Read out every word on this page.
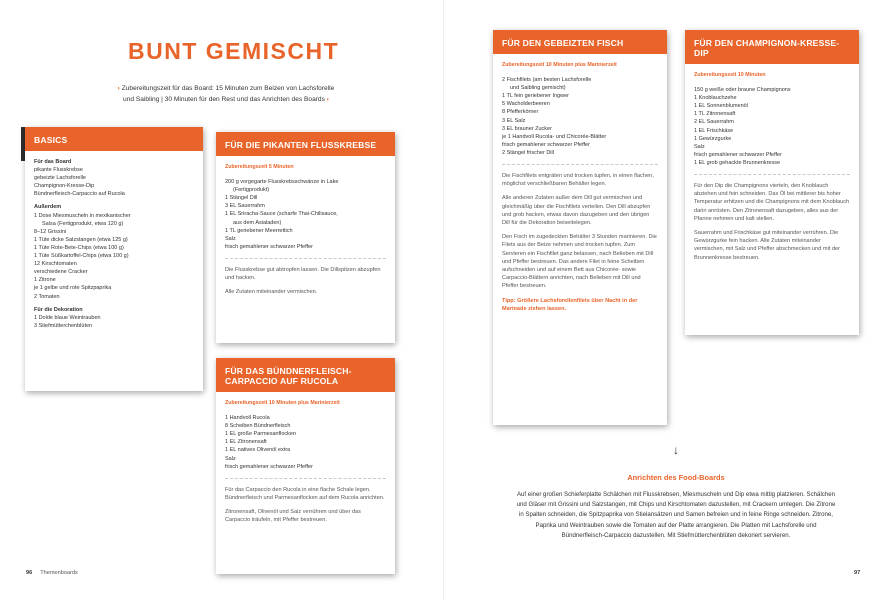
BUNT GEMISCHT
› Zubereitungszeit für das Board: 15 Minuten zum Beizen von Lachsforelle
und Saibling | 30 Minuten für den Rest und das Anrichten des Boards ‹
BASICS
Für das Board
pikante Flusskrebse
gebeizte Lachsforelle
Champignon-Kresse-Dip
Bündnerfleisch-Carpaccio auf Rucola
Außerdem
1 Dose Miesmuscheln in mexikanischer
Salsa (Fertigprodukt, etwa 120 g)
8–12 Grissini
1 Tüte dicke Salzstangen (etwa 125 g)
1 Tüte Rote-Bete-Chips (etwa 100 g)
1 Tüte Süßkartoffel-Chips (etwa 100 g)
12 Kirschtomaten
verschiedene Cracker
1 Zitrone
je 1 gelbe und rote Spitzpaprika
2 Tomaten
Für die Dekoration
1 Dolde blaue Weintrauben
3 Stiefmütterchenblüten
FÜR DIE PIKANTEN FLUSSKREBSE
Zubereitungszeit 5 Minuten
200 g vorgegarte Flusskrebsschwänze in Lake
(Fertigprodukt)
1 Stängel Dill
3 EL Sauerrahm
1 EL Sriracha-Sauce (scharfe Thai-Chilisauce,
aus dem Asialaden)
1 TL geriebener Meerrettich
Salz
frisch gemahlener schwarzer Pfeffer
Die Flusskrebse gut abtropfen lassen. Die Dillspitzen abzupfen und hacken.
Alle Zutaten miteinander vermischen.
FÜR DAS BÜNDNERFLEISCH-CARPACCIO AUF RUCOLA
Zubereitungszeit 10 Minuten plus Marinierzeit
1 Handvoll Rucola
8 Scheiben Bündnerfleisch
1 EL große Parmesanflocken
1 EL Zitronensaft
1 EL natives Olivenöl extra
Salz
frisch gemahlener schwarzer Pfeffer
Für das Carpaccio den Rucola in eine flache Schale legen. Bündnerfleisch und Parmesanflocken auf dem Rucola anrichten.
Zitronensaft, Olivenöl und Salz verrühren und über das Carpaccio träufeln, mit Pfeffer bestreuen.
96 Themenboards
FÜR DEN GEBEIZTEN FISCH
Zubereitungszeit 10 Minuten plus Marinierzeit
2 Fischfilets (am besten Lachsforelle
und Saibling gemischt)
1 TL fein geriebener Ingwer
5 Wacholderbeeren
8 Pfefferkörner
3 EL Salz
3 EL brauner Zucker
je 1 Handvoll Rucola- und Chicorée-Blätter
frisch gemahlener schwarzer Pfeffer
2 Stängel frischer Dill
Die Fischfilets entgräten und trocken tupfen, in einen flachen, möglichst verschließbaren Behälter legen.
Alle anderen Zutaten außer dem Dill gut vermischen und gleichmäßig über die Fischfilets verteilen. Den Dill abzupfen und grob hacken, etwas davon dazugeben und den übrigen Dill für die Dekoration beiseitelegen.
Den Fisch im zugedeckten Behälter 3 Stunden marinieren. Die Filets aus der Beize nehmen und trocken tupfen. Zum Servieren ein Fischfilet ganz belassen, nach Belieben mit Dill und Pfeffer bestreuen. Das andere Filet in feine Scheiben aufschneiden und auf einem Bett aus Chicorée- sowie Carpaccio-Blättern anrichten, nach Belieben mit Dill und Pfeffer bestreuen.
Tipp: Größere Lachsforellenfilets über Nacht in der Marinade ziehen lassen.
FÜR DEN CHAMPIGNON-KRESSE-DIP
Zubereitungszeit 10 Minuten
150 g weiße oder braune Champignons
1 Knoblauchzehe
1 EL Sonnenblumenöl
1 TL Zitronensaft
2 EL Sauerrahm
1 EL Frischkäse
1 Gewürzgurke
Salz
frisch gemahlener schwarzer Pfeffer
1 EL grob gehackte Brunnenkresse
Für den Dip die Champignons vierteln, den Knoblauch abziehen und fein schneiden. Das Öl bei mittlerer bis hoher Temperatur erhitzen und die Champignons mit dem Knoblauch darin anrösten. Den Zitronensaft dazugeben, alles aus der Pfanne nehmen und kalt stellen.
Sauerrahm und Frischkäse gut miteinander verrühren. Die Gewürzgurke fein hacken. Alle Zutaten miteinander vermischen, mit Salz und Pfeffer abschmecken und mit der Brunnenkresse bestreuen.
↓
Anrichten des Food-Boards
Auf einer großen Schieferplatte Schälchen mit Flusskrebsen, Miesmuscheln und Dip etwa mittig platzieren. Schälchen und Gläser mit Grissini und Salzstangen, mit Chips und Kirschtomaten dazustellen, mit Crackern umlegen. Die Zitrone in Spalten schneiden, die Spitzpaprika von Stielansätzen und Samen befreien und in feine Ringe schneiden. Zitrone, Paprika und Weintrauben sowie die Tomaten auf der Platte arrangieren. Die Platten mit Lachsforelle und Bündnerfleisch-Carpaccio dazustellen. Mit Stiefmütterchenblüten dekoriert servieren.
97
